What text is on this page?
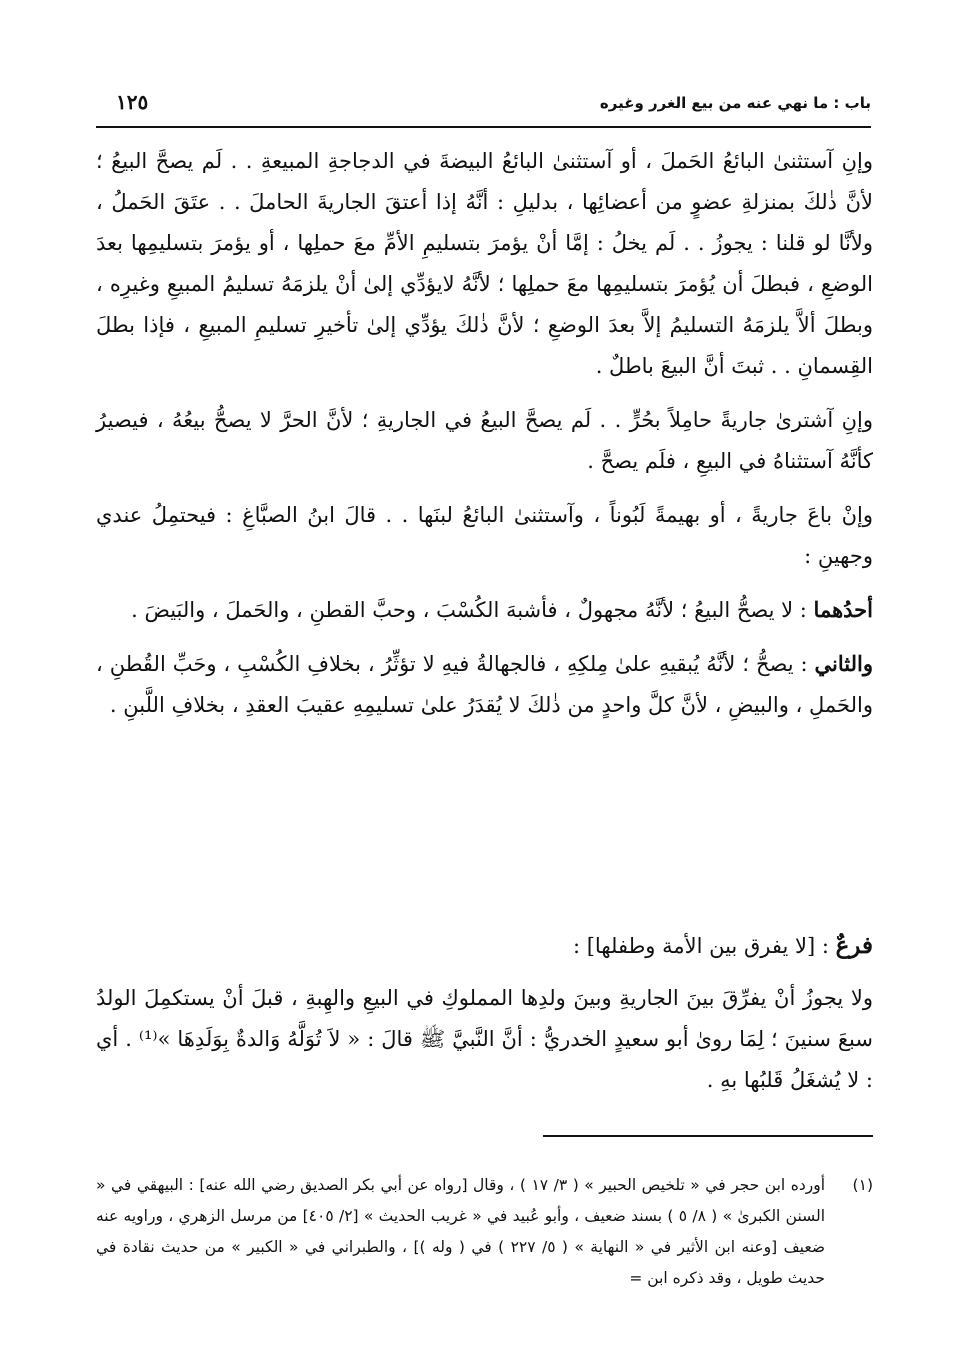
باب : ما نهي عنه من بيع الغرر وغيره
١٢٥

وإنِ آستثنىٰ البائعُ الحَملَ ، أو آستثنىٰ البائعُ البيضةَ في الدجاجةِ المبيعةِ . . لَم يصحَّ البيعُ ؛ لأنَّ ذٰلكَ بمنزلةِ عضوٍ من أعضائِها ، بدليلِ : أنَّهُ إذا أعتقَ الجاريةَ الحاملَ . . عتَقَ الحَملُ ، ولأنَّا لو قلنا : يجوزُ . . لَم يخلُ : إمَّا أنْ يؤمرَ بتسليمِ الأمِّ معَ حملِها ، أو يؤمرَ بتسليمِها بعدَ الوضعِ ، فبطلَ أن يُؤمرَ بتسليمِها معَ حملِها ؛ لأنَّهُ لايؤدِّي إلىٰ أنْ يلزمَهُ تسليمُ المبيعِ وغيرِه ، وبطلَ ألاَّ يلزمَهُ التسليمُ إلاَّ بعدَ الوضعِ ؛ لأنَّ ذٰلكَ يؤدِّي إلىٰ تأخيرِ تسليمِ المبيعِ ، فإذا بطلَ القِسمانِ . . ثبتَ أنَّ البيعَ باطلٌ .

وإنِ آشترىٰ جاريةً حامِلاً بحُرٍّ . . لَم يصحَّ البيعُ في الجاريةِ ؛ لأنَّ الحرَّ لا يصحُّ بيعُهُ ، فيصيرُ كأنَّهُ آستثناهُ في البيعِ ، فلَم يصحَّ .

وإنْ باعَ جاريةً ، أو بهيمةً لَبُوناً ، وآستثنىٰ البائعُ لبنَها . . قالَ ابنُ الصبَّاغِ : فيحتمِلُ عندي وجهينِ :

أحدُهما : لا يصحُّ البيعُ ؛ لأنَّهُ مجهولٌ ، فأشبهَ الكُسْبَ ، وحبَّ القطنِ ، والحَملَ ، والبَيضَ .

والثاني : يصحُّ ؛ لأنَّهُ يُبقيهِ علىٰ مِلكِهِ ، فالجهالةُ فيهِ لا تؤثِّرُ ، بخلافِ الكُسْبِ ، وحَبِّ القُطنِ ، والحَملِ ، والبيضِ ، لأنَّ كلَّ واحدٍ من ذٰلكَ لا يُقدَرُ علىٰ تسليمِهِ عقيبَ العقدِ ، بخلافِ اللَّبنِ .

فرعٌ : [لا يفرق بين الأمة وطفلها] :

ولا يجوزُ أنْ يفرِّقَ بينَ الجاريةِ وبينَ ولدِها المملوكِ في البيعِ والهِبةِ ، قبلَ أنْ يستكمِلَ الولدُ سبعَ سنينَ ؛ لِمَا روىٰ أبو سعيدٍ الخدريُّ : أنَّ النَّبيَّ ﷺ قالَ : « لاَ تُوَلَّهُ وَالدةٌ بِوَلَدِهَا »⁽¹⁾ . أي : لا يُشغَلُ قَلبُها بهِ .

(١)
أورده ابن حجر في « تلخيص الحبير » ( ٣/ ١٧ ) ، وقال [رواه عن أبي بكر الصديق رضي الله عنه] : البيهقي في « السنن الكبرىٰ » ( ٨/ ٥ ) بسند ضعيف ، وأبو عُبيد في « غريب الحديث » [٢/ ٤٠٥] من مرسل الزهري ، وراويه عنه ضعيف [وعنه ابن الأثير في « النهاية » ( ٥/ ٢٢٧ ) في ( وله )] ، والطبراني في « الكبير » من حديث نقادة في حديث طويل ، وقد ذكره ابن =
